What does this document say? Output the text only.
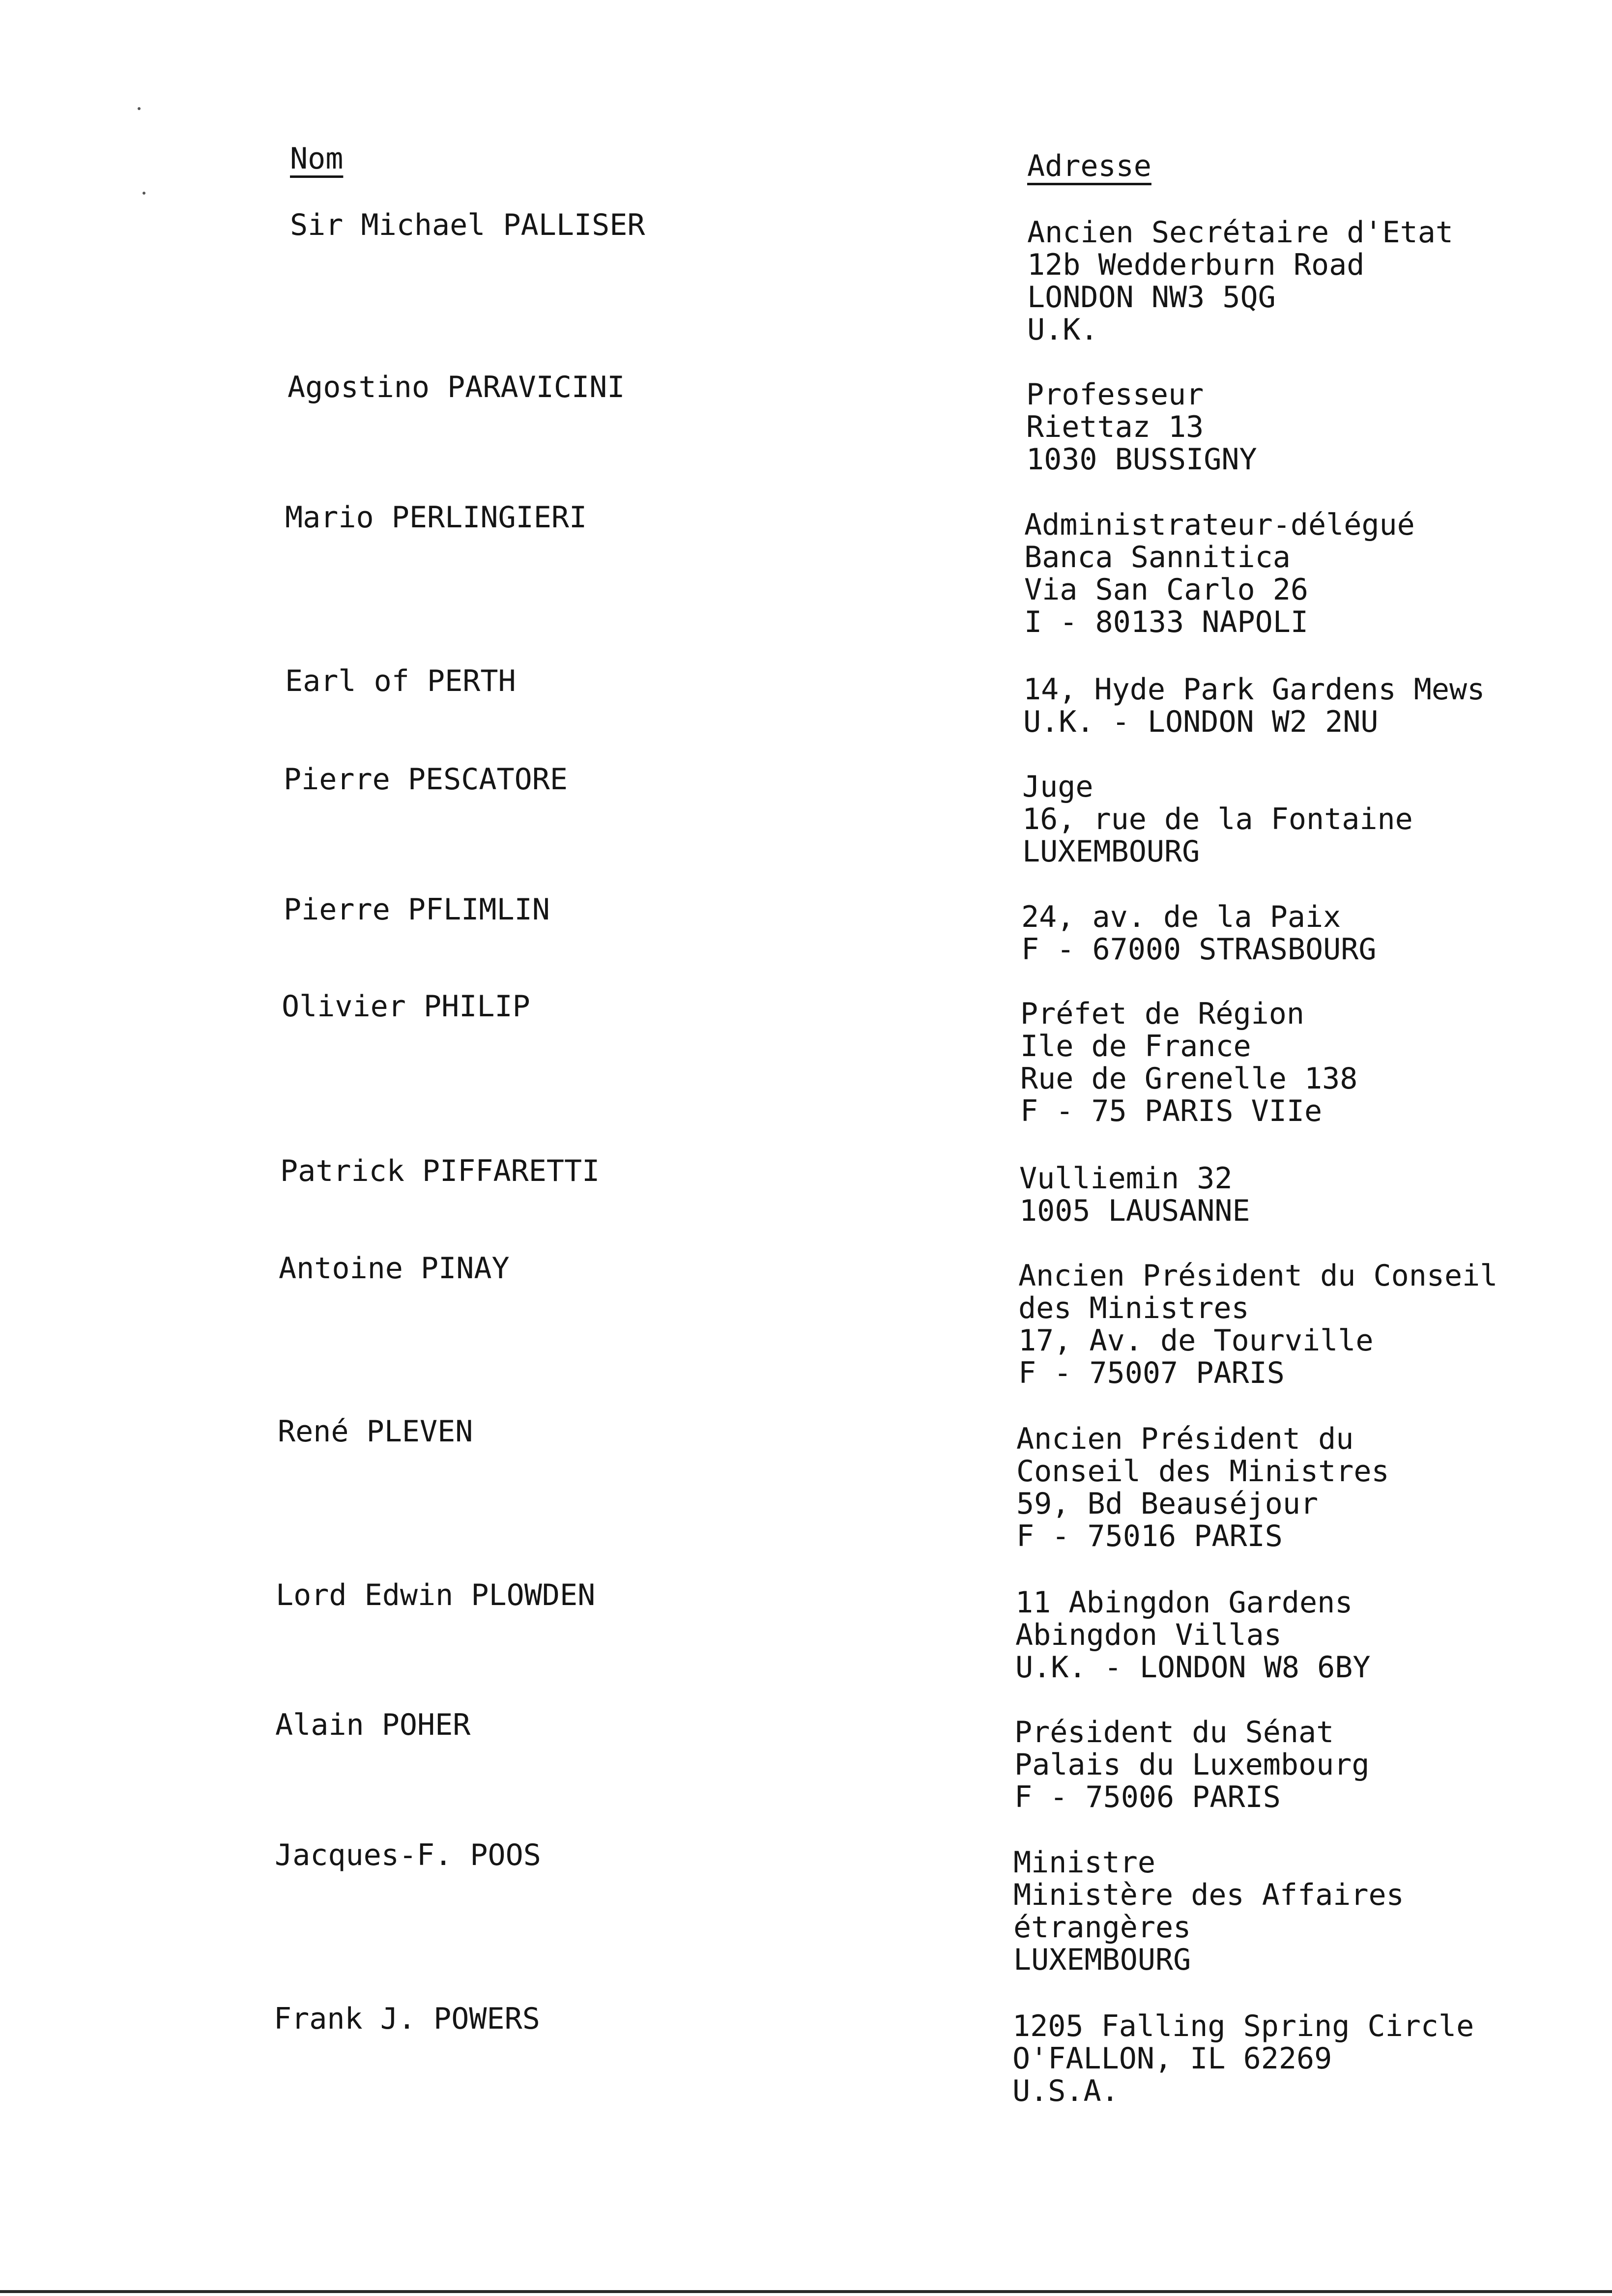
Nom
Sir Michael PALLISER
Agostino PARAVICINI
Mario PERLINGIERI
Earl of PERTH
Pierre PESCATORE
Pierre PFLIMLIN
Olivier PHILIP
Patrick PIFFARETTI
Antoine PINAY
René PLEVEN
Lord Edwin PLOWDEN
Alain POHER
Jacques-F. POOS
Frank J. POWERS
Adresse
Ancien Secrétaire d'Etat
12b Wedderburn Road
LONDON NW3 5QG
U.K.
Professeur
Riettaz 13
1030 BUSSIGNY
Administrateur-délégué
Banca Sannitica
Via San Carlo 26
I - 80133 NAPOLI
14, Hyde Park Gardens Mews
U.K. - LONDON W2 2NU
Juge
16, rue de la Fontaine
LUXEMBOURG
24, av. de la Paix
F - 67000 STRASBOURG
Préfet de Région
Ile de France
Rue de Grenelle 138
F - 75 PARIS VIIe
Vulliemin 32
1005 LAUSANNE
Ancien Président du Conseil
des Ministres
17, Av. de Tourville
F - 75007 PARIS
Ancien Président du
Conseil des Ministres
59, Bd Beauséjour
F - 75016 PARIS
11 Abingdon Gardens
Abingdon Villas
U.K. - LONDON W8 6BY
Président du Sénat
Palais du Luxembourg
F - 75006 PARIS
Ministre
Ministère des Affaires
étrangères
LUXEMBOURG
1205 Falling Spring Circle
O'FALLON, IL 62269
U.S.A.
